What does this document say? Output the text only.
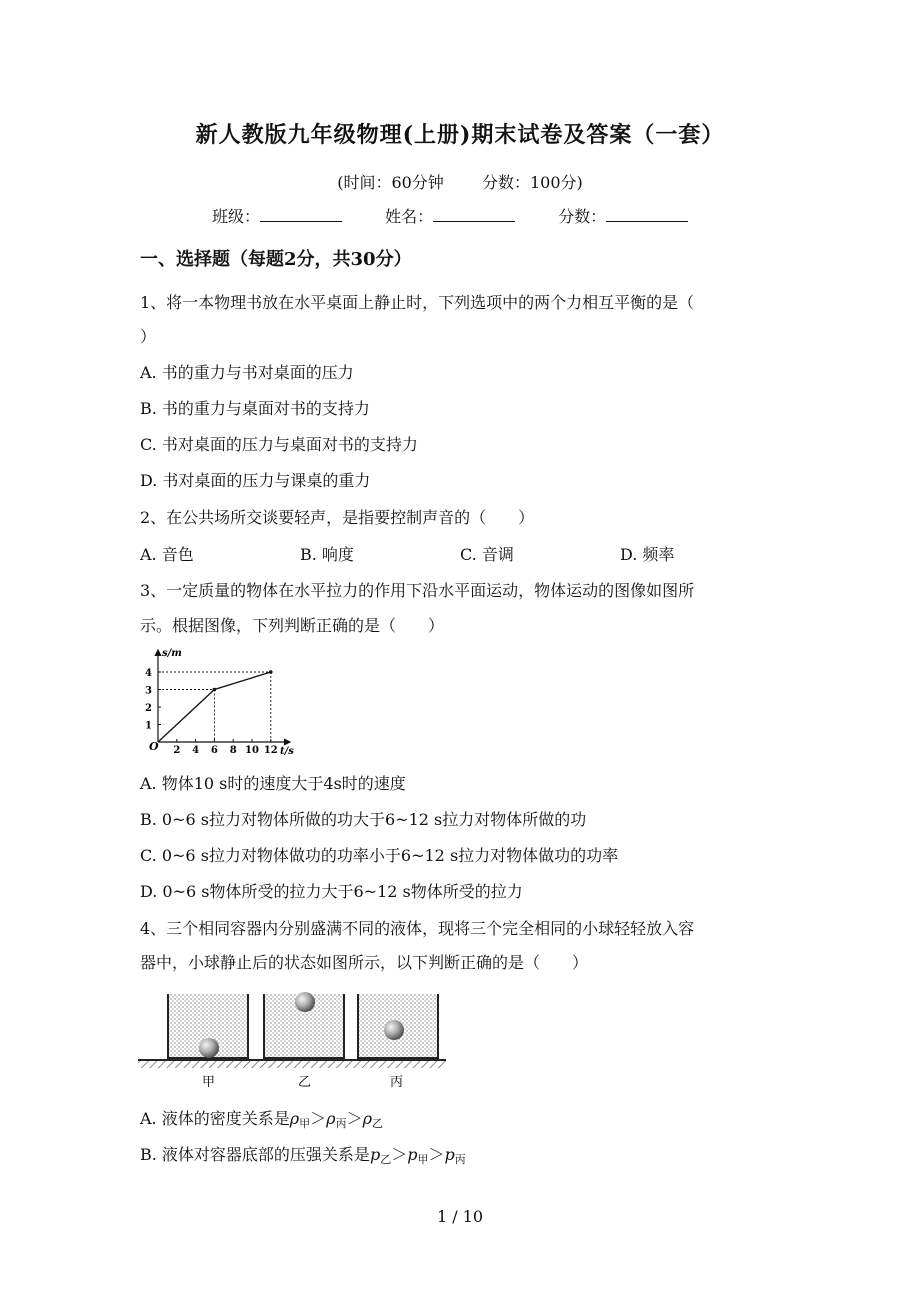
新人教版九年级物理(上册)期末试卷及答案（一套）
(时间：60分钟 分数：100分)
班级：	姓名：	分数：
一、选择题（每题2分，共30分）
1、将一本物理书放在水平桌面上静止时，下列选项中的两个力相互平衡的是（
）
A. 书的重力与书对桌面的压力
B. 书的重力与桌面对书的支持力
C. 书对桌面的压力与桌面对书的支持力
D. 书对桌面的压力与课桌的重力
2、在公共场所交谈要轻声，是指要控制声音的（　　）
A. 音色	B. 响度	C. 音调	D. 频率
3、一定质量的物体在水平拉力的作用下沿水平面运动，物体运动的图像如图所
示。根据图像，下列判断正确的是（　　）
2 4 6 8 10 12
1
2
3
4
O
s/m
t/s
A. 物体10 s时的速度大于4s时的速度
B. 0~6 s拉力对物体所做的功大于6~12 s拉力对物体所做的功
C. 0~6 s拉力对物体做功的功率小于6~12 s拉力对物体做功的功率
D. 0~6 s物体所受的拉力大于6~12 s物体所受的拉力
4、三个相同容器内分别盛满不同的液体，现将三个完全相同的小球轻轻放入容
器中，小球静止后的状态如图所示，以下判断正确的是（　　）
甲	乙	丙
A. 液体的密度关系是$\rho_甲>\rho_丙>\rho_乙$
B. 液体对容器底部的压强关系是$p_乙>p_甲>p_丙$
1 / 10
